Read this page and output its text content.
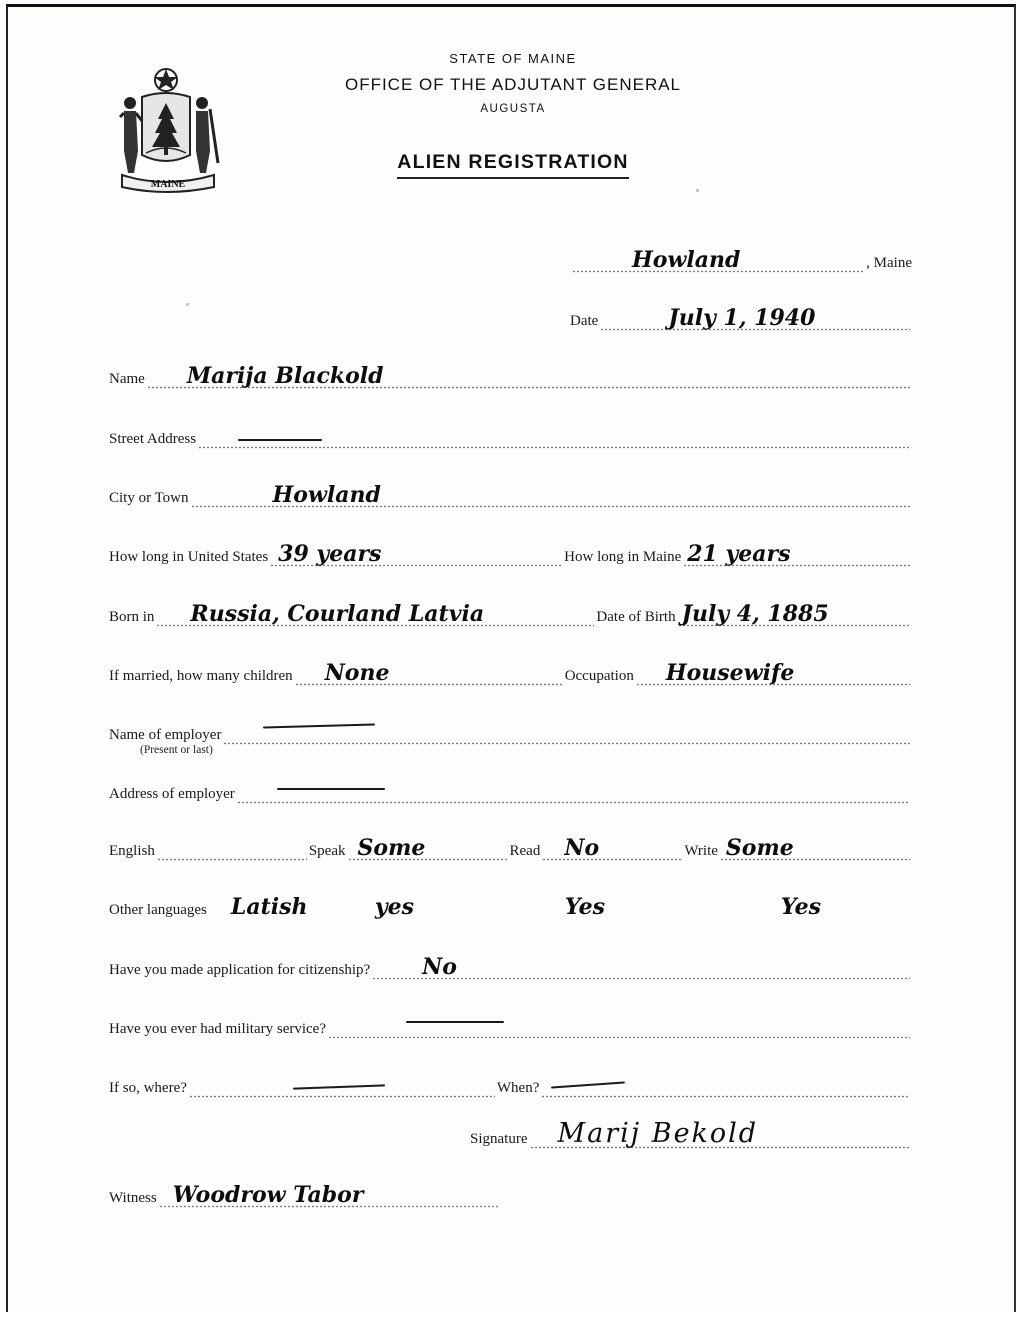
MAINE
STATE OF MAINE
OFFICE OF THE ADJUTANT GENERAL
AUGUSTA
ALIEN REGISTRATION
Howland	, Maine
Date	July 1, 1940
Name Marija Blackold
Street Address
City or Town	Howland
How long in United States 39 years	How long in Maine 21 years
Born in Russia, Courland Latvia	Date of Birth July 4, 1885
If married, how many children None	Occupation Housewife
Name of employer
(Present or last)
Address of employer
English	Speak Some	Read No	Write Some
Other languages Latish	yes	Yes	Yes
Have you made application for citizenship? No
Have you ever had military service?
If so, where?	When?
Signature Marij Bekold
Witness Woodrow Tabor
